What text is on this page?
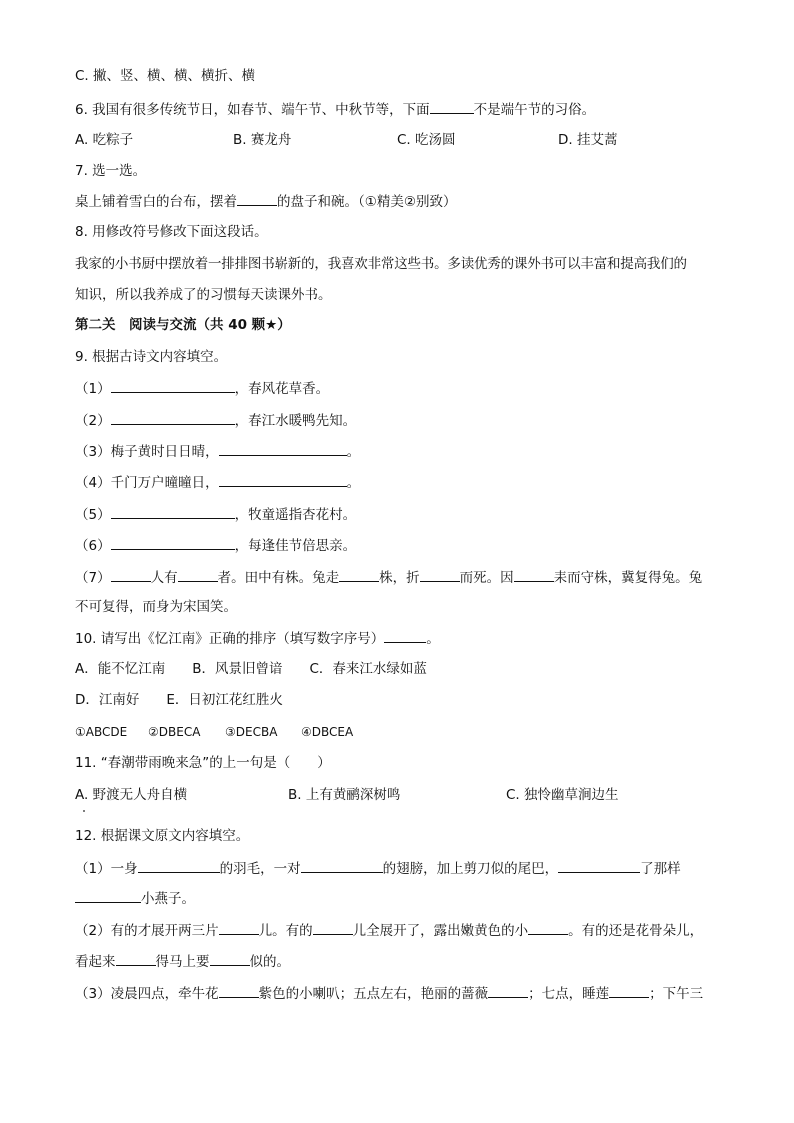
C. 撇、竖、横、横、横折、横
6. 我国有很多传统节日，如春节、端午节、中秋节等，下面	不是端午节的习俗。
A. 吃粽子	B. 赛龙舟	C. 吃汤圆	D. 挂艾蒿
7. 选一选。
桌上铺着雪白的台布，摆着	的盘子和碗。（①精美②别致）
8. 用修改符号修改下面这段话。
我家的小书厨中摆放着一排排图书崭新的，我喜欢非常这些书。多读优秀的课外书可以丰富和提高我们的
知识，所以我养成了的习惯每天读课外书。
第二关　阅读与交流（共 40 颗★）
9. 根据古诗文内容填空。
（1）	，春风花草香。
（2）	，春江水暖鸭先知。
（3）梅子黄时日日晴，	。
（4）千门万户曈曈日，	。
（5）	，牧童遥指杏花村。
（6）	，每逢佳节倍思亲。
（7）	人有	者。田中有株。兔走	株，折	而死。因	耒而守株，冀复得兔。兔
不可复得，而身为宋国笑。
10. 请写出《忆江南》正确的排序（填写数字序号）	。
A．能不忆江南　　B．风景旧曾谙　　C．春来江水绿如蓝
D．江南好　　E．日初江花红胜火
①ABCDE ②DBECA ③DECBA ④DBCEA
11. “春潮带雨晚来急”的上一句是（　　）
A. 野渡无人舟自横	B. 上有黄鹂深树鸣	C. 独怜幽草涧边生
12. 根据课文原文内容填空。
（1）一身	的羽毛，一对	的翅膀，加上剪刀似的尾巴，	了那样
小燕子。
（2）有的才展开两三片	儿。有的	儿全展开了，露出嫩黄色的小	。有的还是花骨朵儿，
看起来	得马上要	似的。
（3）凌晨四点，牵牛花	紫色的小喇叭；五点左右，艳丽的蔷薇	；七点，睡莲	；下午三
